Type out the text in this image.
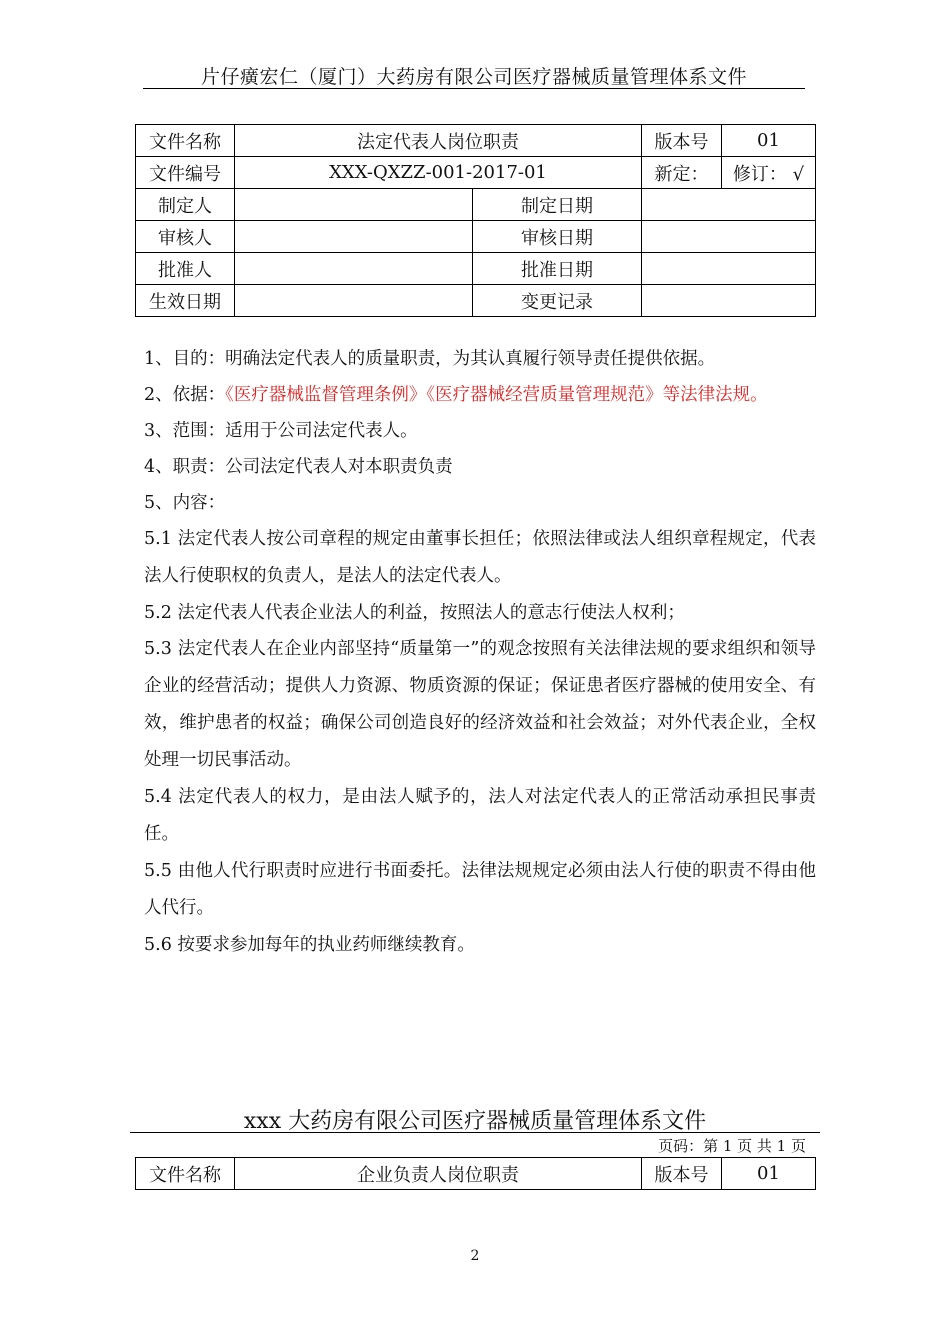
片仔癀宏仁（厦门）大药房有限公司医疗器械质量管理体系文件
文件名称	法定代表人岗位职责		版本号	01
文件编号	XXX-QXZZ-001-2017-01		新定：	修订： √
制定人		制定日期		
审核人		审核日期		
批准人		批准日期		
生效日期		变更记录		
1、目的：明确法定代表人的质量职责，为其认真履行领导责任提供依据。
2、依据：《医疗器械监督管理条例》《医疗器械经营质量管理规范》等法律法规。
3、范围：适用于公司法定代表人。
4、职责：公司法定代表人对本职责负责
5、内容：
5.1 法定代表人按公司章程的规定由董事长担任；依照法律或法人组织章程规定，代表法人行使职权的负责人，是法人的法定代表人。
5.2 法定代表人代表企业法人的利益，按照法人的意志行使法人权利；
5.3 法定代表人在企业内部坚持“质量第一”的观念按照有关法律法规的要求组织和领导企业的经营活动；提供人力资源、物质资源的保证；保证患者医疗器械的使用安全、有效，维护患者的权益；确保公司创造良好的经济效益和社会效益；对外代表企业，全权处理一切民事活动。
5.4 法定代表人的权力，是由法人赋予的，法人对法定代表人的正常活动承担民事责任。
5.5 由他人代行职责时应进行书面委托。法律法规规定必须由法人行使的职责不得由他人代行。
5.6 按要求参加每年的执业药师继续教育。
xxx 大药房有限公司医疗器械质量管理体系文件
页码：第 1 页 共 1 页
文件名称	企业负责人岗位职责	版本号	01
2
